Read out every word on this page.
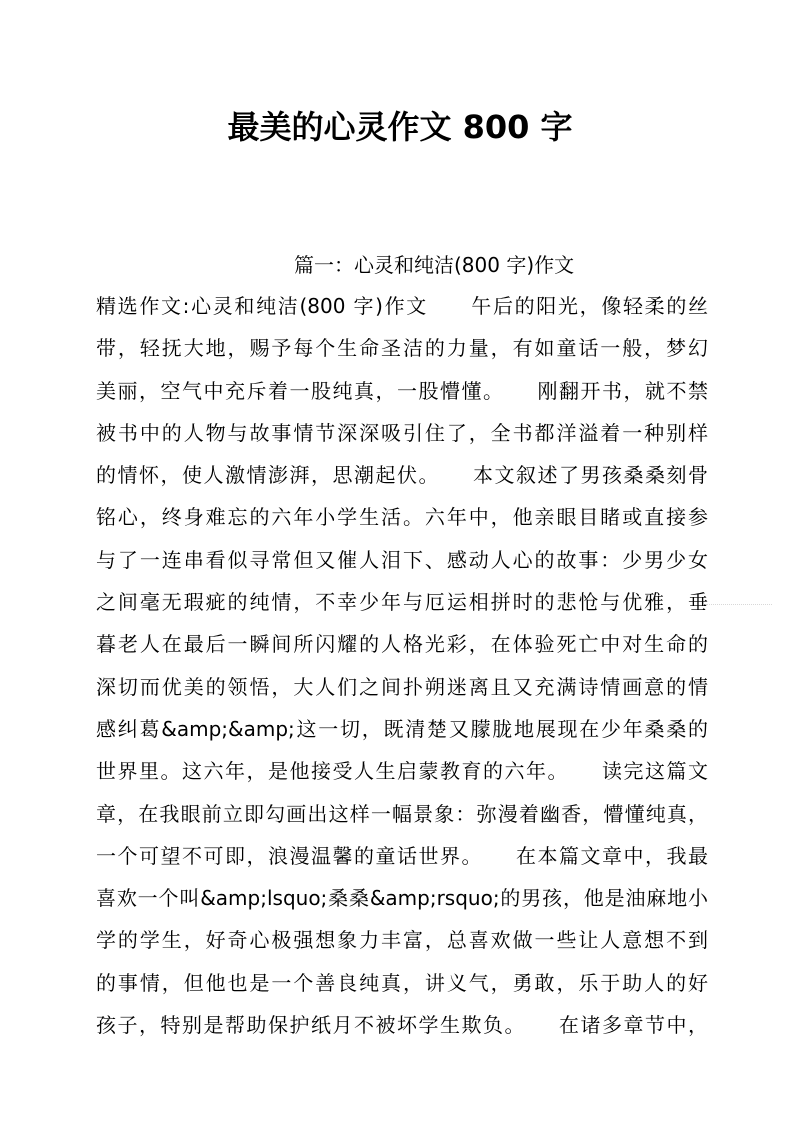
最美的心灵作文 800 字
篇一：心灵和纯洁(800 字)作文
精选作文:心灵和纯洁(800 字)作文　　午后的阳光，像轻柔的丝
带，轻抚大地，赐予每个生命圣洁的力量，有如童话一般，梦幻
美丽，空气中充斥着一股纯真，一股懵懂。　　刚翻开书，就不禁
被书中的人物与故事情节深深吸引住了，全书都洋溢着一种别样
的情怀，使人激情澎湃，思潮起伏。　　本文叙述了男孩桑桑刻骨
铭心，终身难忘的六年小学生活。六年中，他亲眼目睹或直接参
与了一连串看似寻常但又催人泪下、感动人心的故事：少男少女
之间毫无瑕疵的纯情，不幸少年与厄运相拼时的悲怆与优雅，垂
暮老人在最后一瞬间所闪耀的人格光彩，在体验死亡中对生命的
深切而优美的领悟，大人们之间扑朔迷离且又充满诗情画意的情
感纠葛&amp;&amp;这一切，既清楚又朦胧地展现在少年桑桑的
世界里。这六年，是他接受人生启蒙教育的六年。　　读完这篇文
章，在我眼前立即勾画出这样一幅景象：弥漫着幽香，懵懂纯真，
一个可望不可即，浪漫温馨的童话世界。　　在本篇文章中，我最
喜欢一个叫&amp;lsquo;桑桑&amp;rsquo;的男孩，他是油麻地小
学的学生，好奇心极强想象力丰富，总喜欢做一些让人意想不到
的事情，但他也是一个善良纯真，讲义气，勇敢，乐于助人的好
孩子，特别是帮助保护纸月不被坏学生欺负。　　在诸多章节中，
